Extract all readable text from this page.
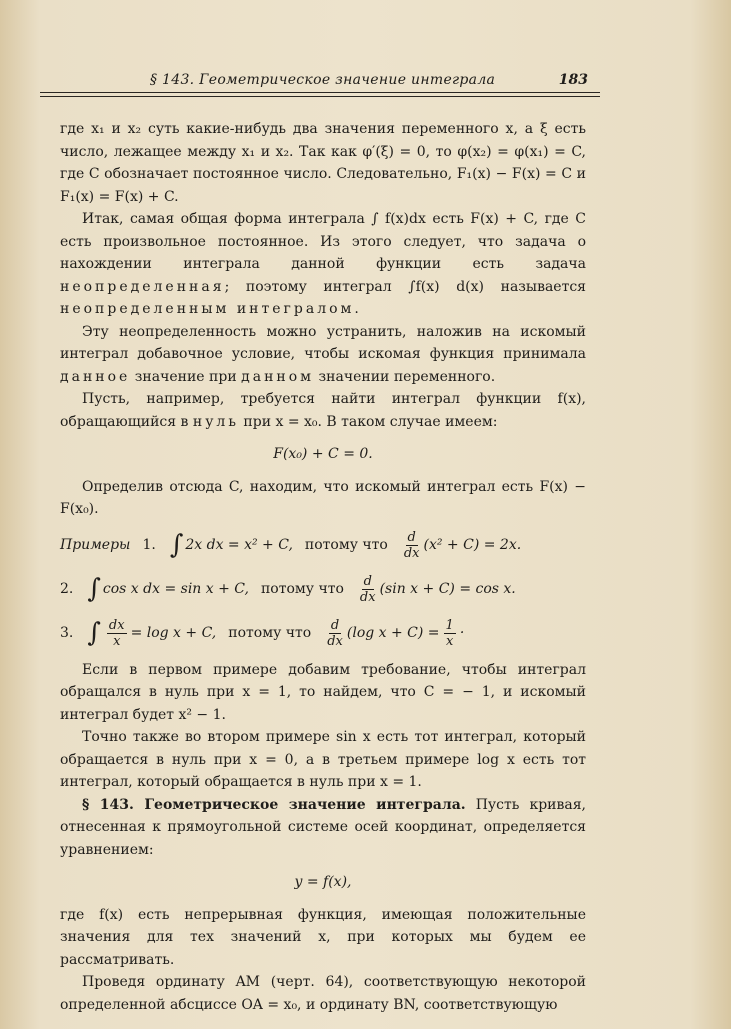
§ 143. Геометрическое значение интеграла	183

где x₁ и x₂ суть какие-нибудь два значения переменного x, а ξ есть число, лежащее между x₁ и x₂. Так как φ′(ξ) = 0, то φ(x₂) = φ(x₁) = C, где C обозначает постоянное число. Следовательно, F₁(x) − F(x) = C и F₁(x) = F(x) + C.

Итак, самая общая форма интеграла ∫ f(x)dx есть F(x) + C, где C есть произвольное постоянное. Из этого следует, что задача о нахождении интеграла данной функции есть задача неопределенная; поэтому интеграл ∫f(x) d(x) называется неопределенным интегралом.

Эту неопределенность можно устранить, наложив на искомый интеграл добавочное условие, чтобы искомая функция принимала данное значение при данном значении переменного.

Пусть, например, требуется найти интеграл функции f(x), обращающийся в нуль при x = x₀. В таком случае имеем:

F(x₀) + C = 0.

Определив отсюда C, находим, что искомый интеграл есть F(x) − F(x₀).

Примеры 1. ∫ 2x dx = x² + C, потому что $\frac{d}{dx} (x^2 + C) = 2x$.
2. ∫ cos x dx = sin x + C, потому что $\frac{d}{dx} (\sin$ x + C) = cos x.
3. ∫ $\frac{dx}{x} = \log x + C$, потому что $\frac{d}{dx} (\log$ $x + C) = \frac{1}{x}$ ·

Если в первом примере добавим требование, чтобы интеграл обращался в нуль при x = 1, то найдем, что C = − 1, и искомый интеграл будет x² − 1.

Точно также во втором примере sin x есть тот интеграл, который обращается в нуль при x = 0, а в третьем примере log x есть тот интеграл, который обращается в нуль при x = 1.

§ 143. Геометрическое значение интеграла. Пусть кривая, отнесенная к прямоугольной системе осей координат, определяется уравнением:

y = f(x),

где f(x) есть непрерывная функция, имеющая положительные значения для тех значений x, при которых мы будем ее рассматривать.

Проведя ординату AM (черт. 64), соответствующую некоторой определенной абсциссе OA = x₀, и ординату BN, соответствующую
